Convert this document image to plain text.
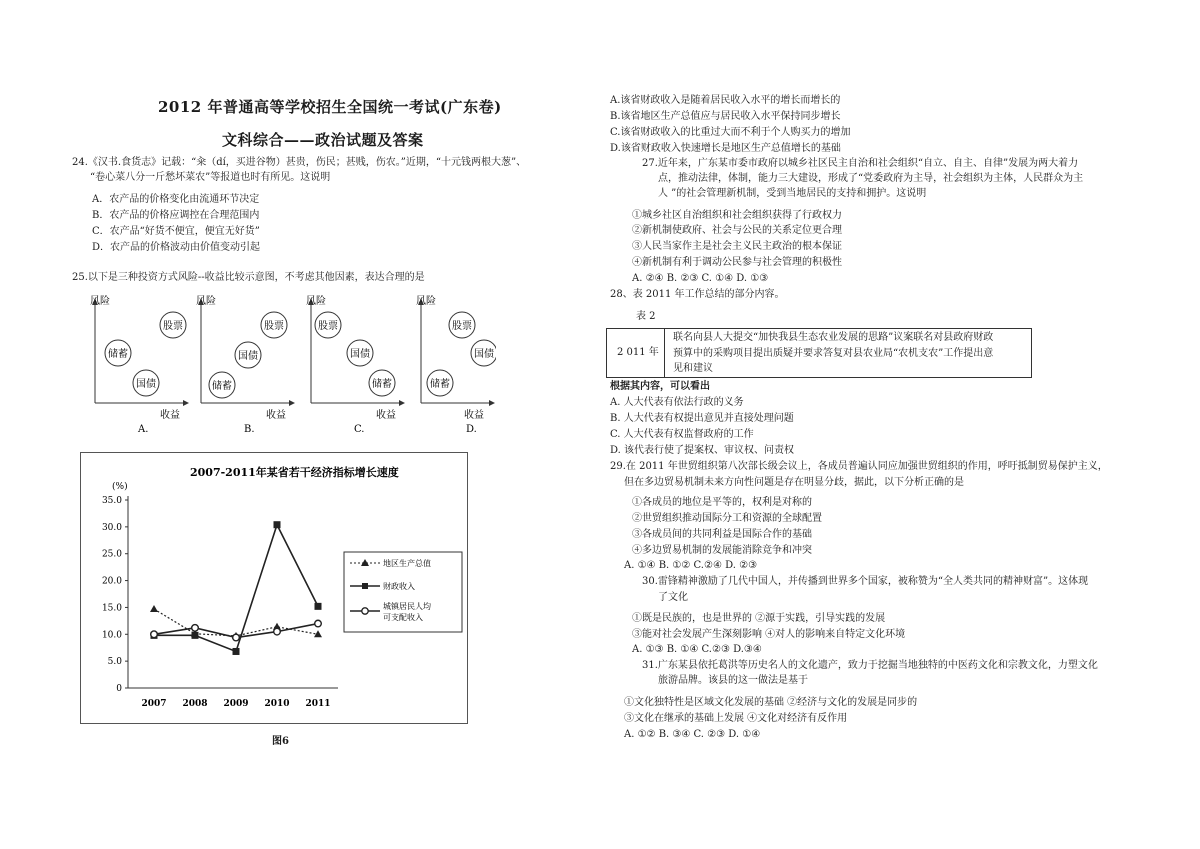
2012 年普通高等学校招生全国统一考试(广东卷)
文科综合——政治试题及答案
24.《汉书.食货志》记载：“籴（dí，买进谷物）甚贵，伤民；甚贱，伤农。”近期，“十元钱两根大葱”、
“卷心菜八分一斤愁坏菜农”等报道也时有所见。这说明
A．农产品的价格变化由流通环节决定
B．农产品的价格应调控在合理范围内
C．农产品“好货不便宜，便宜无好货”
D．农产品的价格波动由价值变动引起
25.以下是三种投资方式风险--收益比较示意图，不考虑其他因素，表达合理的是
风险
收益
股票
储蓄
国债
A.
风险
收益
股票
国债
储蓄
B.
风险
收益
股票
国债
储蓄
C.
风险
收益
股票
国债
储蓄
D.
2007-2011年某省若干经济指标增长速度
(%)
0
5.0
10.0
15.0
20.0
25.0
30.0
35.0
2007 2008 2009 2010 2011
地区生产总值
财政收入
城镇居民人均
可支配收入
图6
A.该省财政收入是随着居民收入水平的增长而增长的
B.该省地区生产总值应与居民收入水平保持同步增长
C.该省财政收入的比重过大而不利于个人购买力的增加
D.该省财政收入快速增长是地区生产总值增长的基础
27.近年来，广东某市委市政府以城乡社区民主自治和社会组织“自立、自主、自律”发展为两大着力
点，推动法律，体制，能力三大建设，形成了“党委政府为主导，社会组织为主体，人民群众为主
人 ”的社会管理新机制，受到当地居民的支持和拥护。这说明
①城乡社区自治组织和社会组织获得了行政权力
②新机制使政府、社会与公民的关系定位更合理
③人民当家作主是社会主义民主政治的根本保证
④新机制有利于调动公民参与社会管理的积极性
A. ②④ B. ②③ C. ①④ D. ①③
28、表 2011 年工作总结的部分内容。
表 2
2 011 年
联名向县人大提交“加快我县生态农业发展的思路”议案联名对县政府财政
预算中的采购项目提出质疑并要求答复对县农业局“农机支农”工作提出意
见和建议
根据其内容，可以看出
A. 人大代表有依法行政的义务
B. 人大代表有权提出意见并直接处理问题
C. 人大代表有权监督政府的工作
D. 该代表行使了提案权、审议权、问责权
29.在 2011 年世贸组织第八次部长级会议上，各成员普遍认同应加强世贸组织的作用，呼吁抵制贸易保护主义，
但在多边贸易机制未来方向性问题是存在明显分歧，据此，以下分析正确的是
①各成员的地位是平等的，权利是对称的
②世贸组织推动国际分工和资源的全球配置
③各成员间的共同利益是国际合作的基础
④多边贸易机制的发展能消除竞争和冲突
A. ①④ B. ①② C.②④ D. ②③
30.雷锋精神激励了几代中国人，并传播到世界多个国家，被称赞为“全人类共同的精神财富”。这体现
了文化
①既是民族的，也是世界的 ②源于实践，引导实践的发展
③能对社会发展产生深刻影响 ④对人的影响来自特定文化环境
A. ①③ B. ①④ C.②③ D.③④
31.广东某县依托葛洪等历史名人的文化遗产，致力于挖掘当地独特的中医药文化和宗教文化，力塑文化
旅游品牌。该县的这一做法是基于
①文化独特性是区域文化发展的基础 ②经济与文化的发展是同步的
③文化在继承的基础上发展 ④文化对经济有反作用
A. ①② B. ③④ C. ②③ D. ①④
